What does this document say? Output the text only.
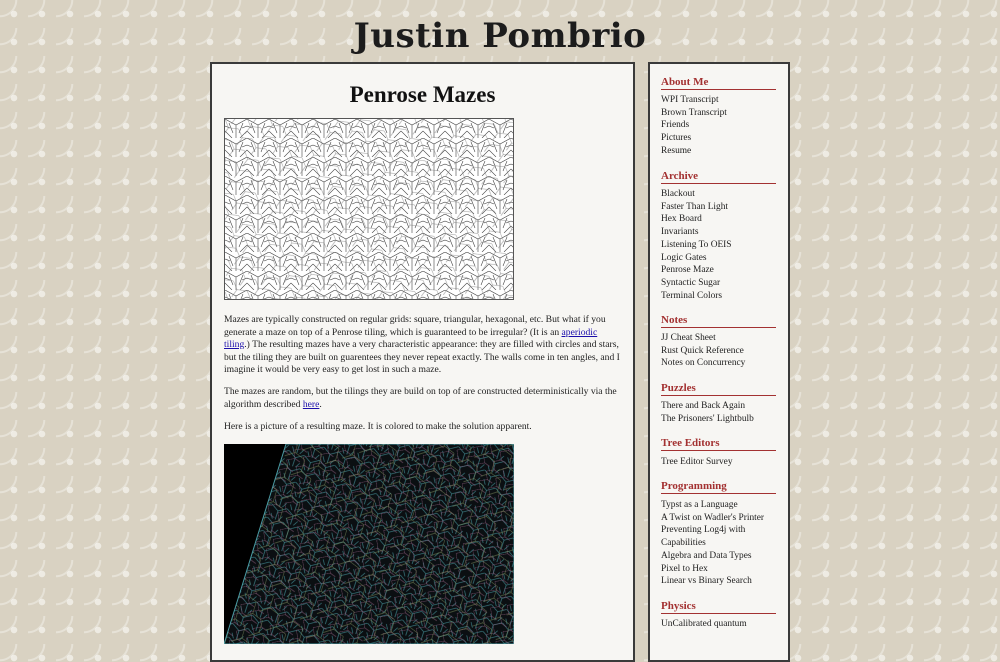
Justin Pombrio
Penrose Mazes

Mazes are typically constructed on regular grids: square, triangular, hexagonal, etc. But what if you generate a maze on top of a Penrose tiling, which is guaranteed to be irregular? (It is an aperiodic tiling.) The resulting mazes have a very characteristic appearance: they are filled with circles and stars, but the tiling they are built on guarentees they never repeat exactly. The walls come in ten angles, and I imagine it would be very easy to get lost in such a maze.

The mazes are random, but the tilings they are build on top of are constructed deterministically via the algorithm described here.

Here is a picture of a resulting maze. It is colored to make the solution apparent.

About Me
WPI Transcript
Brown Transcript
Friends
Pictures
Resume
Archive
Blackout
Faster Than Light
Hex Board
Invariants
Listening To OEIS
Logic Gates
Penrose Maze
Syntactic Sugar
Terminal Colors
Notes
JJ Cheat Sheet
Rust Quick Reference
Notes on Concurrency
Puzzles
There and Back Again
The Prisoners' Lightbulb
Tree Editors
Tree Editor Survey
Programming
Typst as a Language
A Twist on Wadler's Printer
Preventing Log4j with Capabilities
Algebra and Data Types
Pixel to Hex
Linear vs Binary Search
Physics
UnCalibrated quantum
